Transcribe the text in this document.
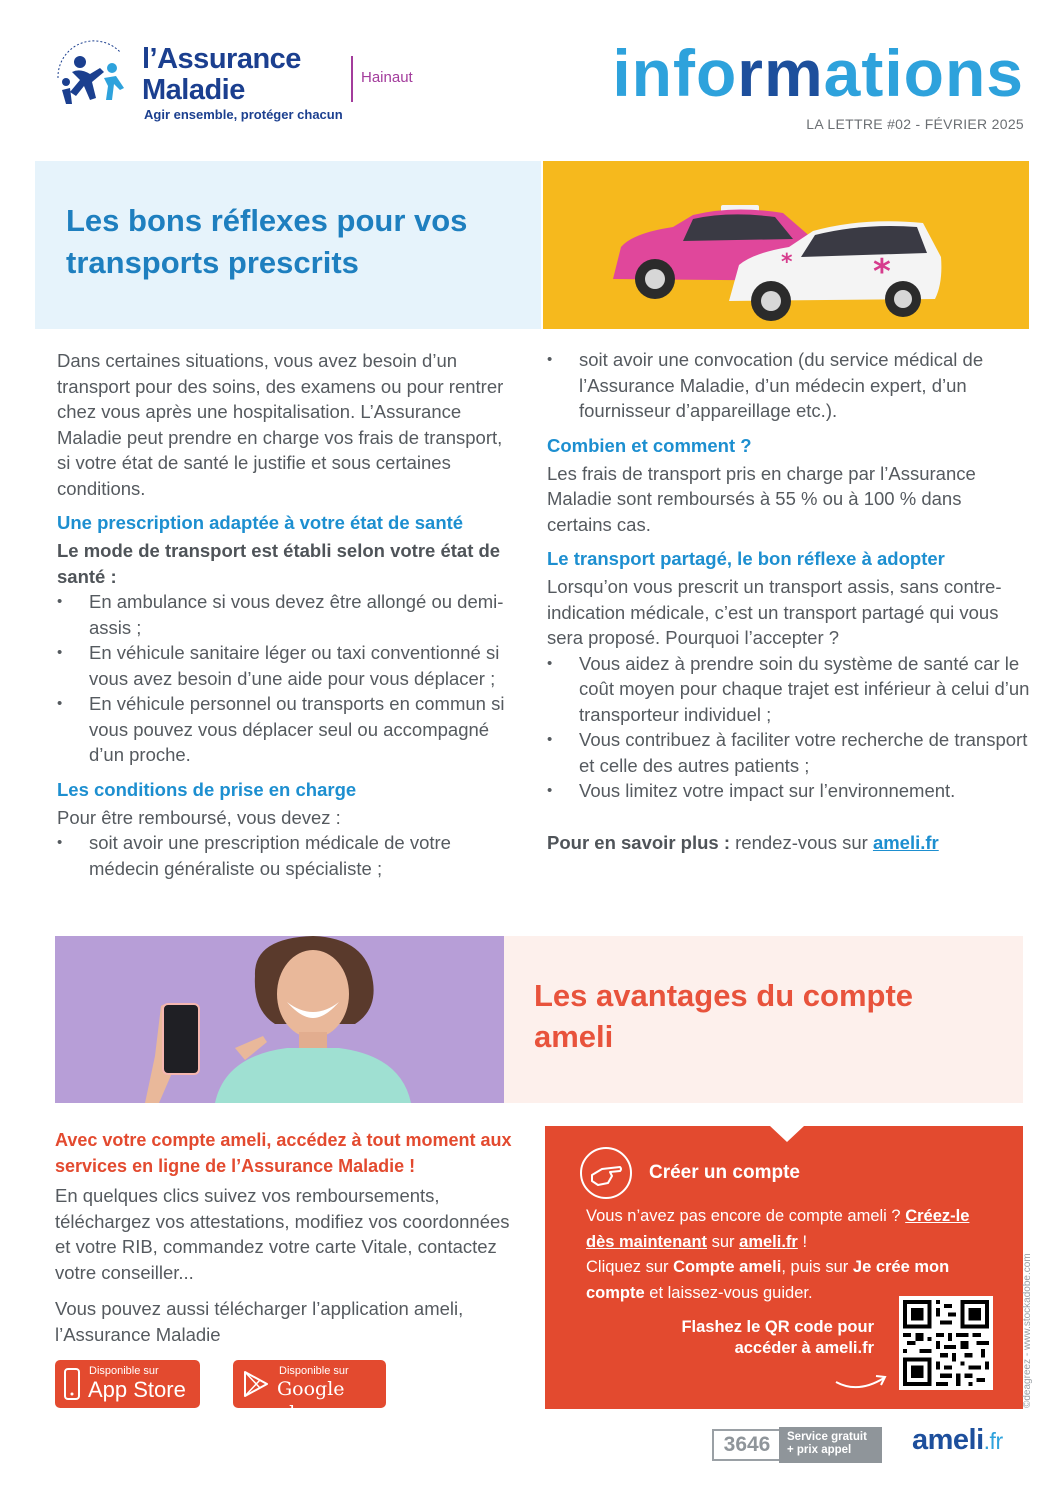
l’Assurance
Maladie
Agir ensemble, protéger chacun
Hainaut	informations
LA LETTRE #02 - FÉVRIER 2025
Les bons réflexes pour vos transports prescrits	*
*

Dans certaines situations, vous avez besoin d’un transport pour des soins, des examens ou pour rentrer chez vous après une hospitalisation. L’Assurance Maladie peut prendre en charge vos frais de transport, si votre état de santé le justifie et sous certaines conditions.

Une prescription adaptée à votre état de santé

Le mode de transport est établi selon votre état de santé :

• En ambulance si vous devez être allongé ou demi-assis ;
• En véhicule sanitaire léger ou taxi conventionné si vous avez besoin d’une aide pour vous déplacer ;
• En véhicule personnel ou transports en commun si vous pouvez vous déplacer seul ou accompagné d’un proche.
Les conditions de prise en charge

Pour être remboursé, vous devez :

• soit avoir une prescription médicale de votre médecin généraliste ou spécialiste ;
• soit avoir une convocation (du service médical de l’Assurance Maladie, d’un médecin expert, d’un fournisseur d’appareillage etc.).
Combien et comment ?

Les frais de transport pris en charge par l’Assurance Maladie sont remboursés à 55 % ou à 100 % dans certains cas.

Le transport partagé, le bon réflexe à adopter

Lorsqu’on vous prescrit un transport assis, sans contre-indication médicale, c’est un transport partagé qui vous sera proposé. Pourquoi l’accepter ?

• Vous aidez à prendre soin du système de santé car le coût moyen pour chaque trajet est inférieur à celui d’un transporteur individuel ;
• Vous contribuez à faciliter votre recherche de transport et celle des autres patients ;
• Vous limitez votre impact sur l’environnement.

Pour en savoir plus : rendez-vous sur ameli.fr

Les avantages du compte ameli
Avec votre compte ameli, accédez à tout moment aux services en ligne de l’Assurance Maladie !
En quelques clics suivez vos remboursements, téléchargez vos attestations, modifiez vos coordonnées et votre RIB, commandez votre carte Vitale, contactez votre conseiller...
Vous pouvez aussi télécharger l’application ameli, l’Assurance Maladie
Disponible sur
App Store
Disponible sur
Google play
Créer un compte
Vous n’avez pas encore de compte ameli ? Créez-le dès maintenant sur ameli.fr !
Cliquez sur Compte ameli, puis sur Je crée mon compte et laissez-vous guider.
Flashez le QR code pour accéder à ameli.fr	©deagreez - www.stockadobe.com
3646	Service gratuit + prix appel	ameli.fr
